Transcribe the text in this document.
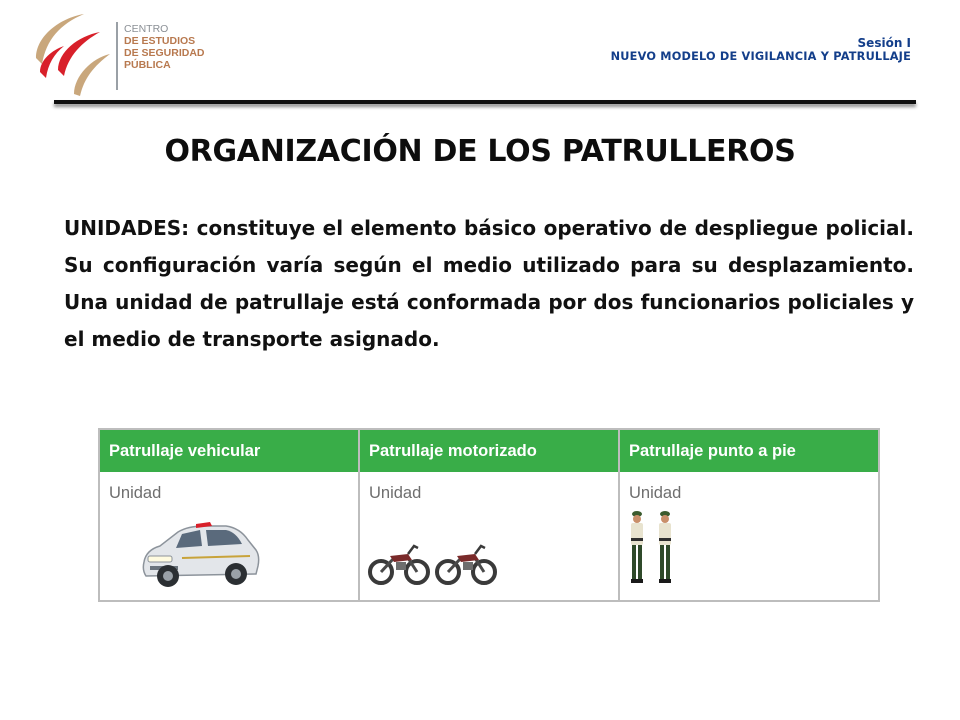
CENTRO
DE ESTUDIOS
DE SEGURIDAD
PÚBLICA
Sesión I
NUEVO MODELO DE VIGILANCIA Y PATRULLAJE
ORGANIZACIÓN DE LOS PATRULLEROS
UNIDADES: constituye el elemento básico operativo de despliegue policial. Su configuración varía según el medio utilizado para su desplazamiento. Una unidad de patrullaje está conformada por dos funcionarios policiales y el medio de transporte asignado.
Patrullaje vehicular
Unidad
Patrullaje motorizado
Unidad
Patrullaje punto a pie
Unidad
